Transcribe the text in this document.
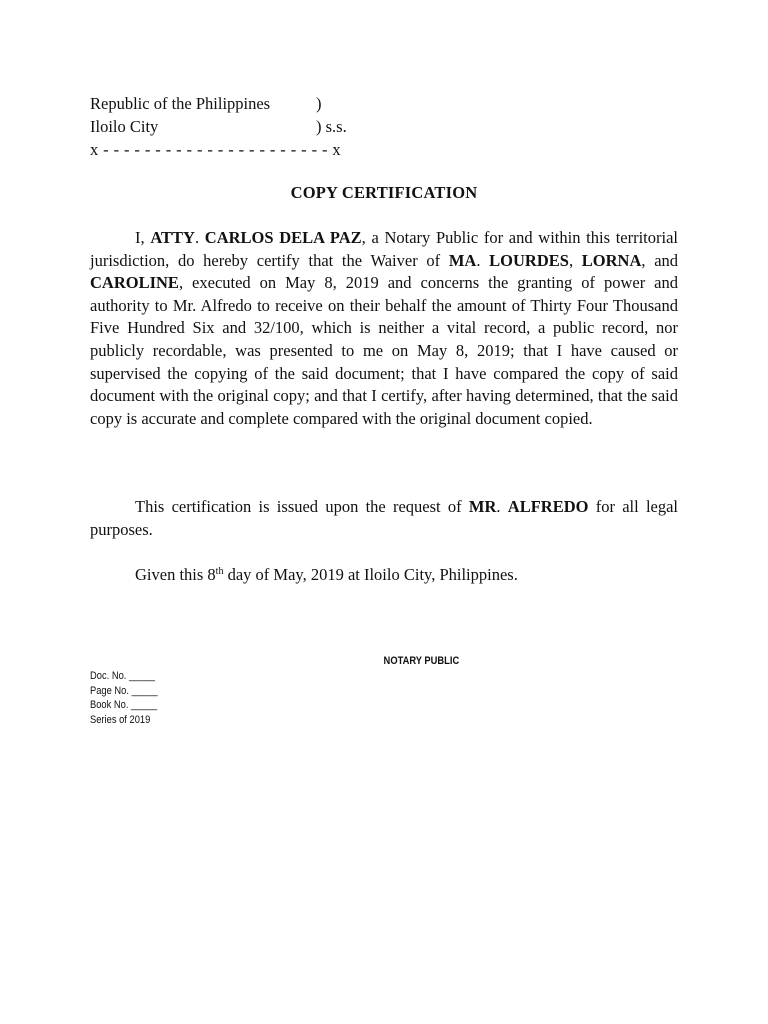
Republic of the Philippines	)
Iloilo City	) s.s.
x - - - - - - - - - - - - - - - - - - - - - - x
COPY CERTIFICATION
I, ATTY. CARLOS DELA PAZ, a Notary Public for and within this territorial jurisdiction, do hereby certify that the Waiver of MA. LOURDES, LORNA, and CAROLINE, executed on May 8, 2019 and concerns the granting of power and authority to Mr. Alfredo to receive on their behalf the amount of Thirty Four Thousand Five Hundred Six and 32/100, which is neither a vital record, a public record, nor publicly recordable, was presented to me on May 8, 2019; that I have caused or supervised the copying of the said document; that I have compared the copy of said document with the original copy; and that I certify, after having determined, that the said copy is accurate and complete compared with the original document copied.
This certification is issued upon the request of MR. ALFREDO for all legal purposes.
Given this 8th day of May, 2019 at Iloilo City, Philippines.
NOTARY PUBLIC
Doc. No. _____
Page No. _____
Book No. _____
Series of 2019
